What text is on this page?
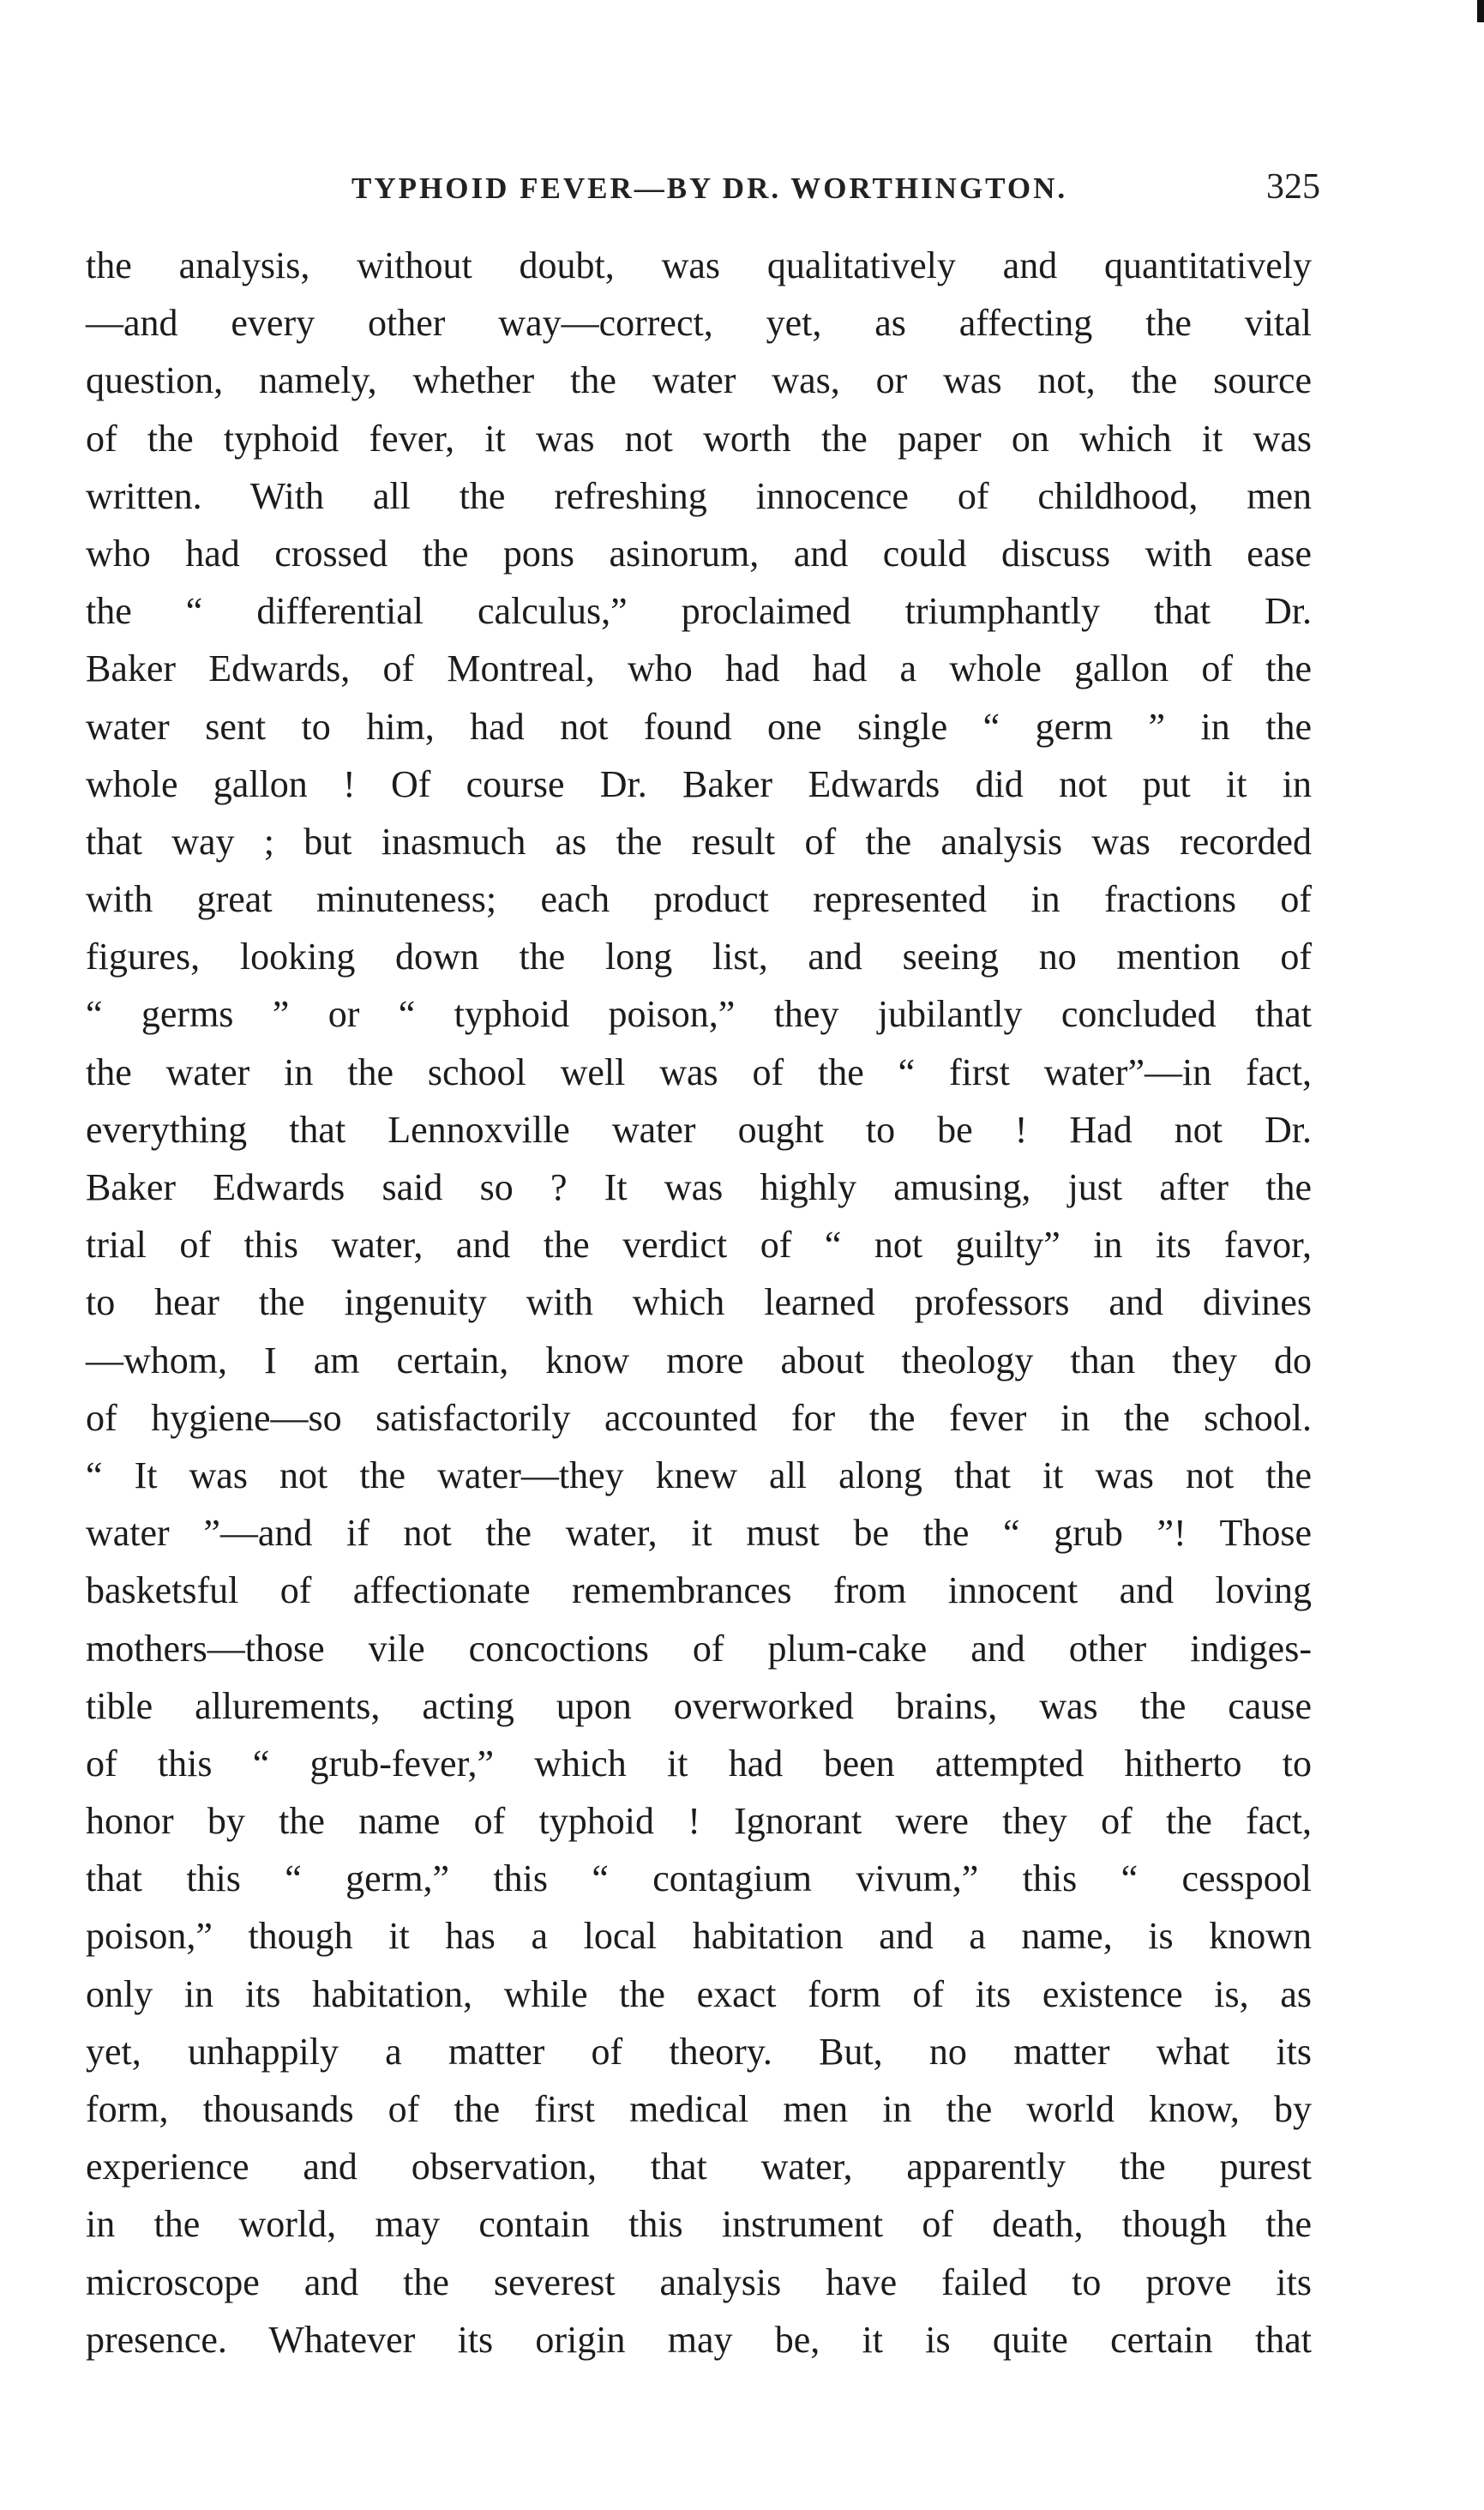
TYPHOID FEVER—BY DR. WORTHINGTON.	325
the analysis, without doubt, was qualitatively and quantitatively
—and every other way—correct, yet, as affecting the vital
question, namely, whether the water was, or was not, the source
of the typhoid fever, it was not worth the paper on which it was
written. With all the refreshing innocence of childhood, men
who had crossed the pons asinorum, and could discuss with ease
the “ differential calculus,” proclaimed triumphantly that Dr.
Baker Edwards, of Montreal, who had had a whole gallon of the
water sent to him, had not found one single “ germ ” in the
whole gallon ! Of course Dr. Baker Edwards did not put it in
that way ; but inasmuch as the result of the analysis was recorded
with great minuteness; each product represented in fractions of
figures, looking down the long list, and seeing no mention of
“ germs ” or “ typhoid poison,” they jubilantly concluded that
the water in the school well was of the “ first water”—in fact,
everything that Lennoxville water ought to be ! Had not Dr.
Baker Edwards said so ? It was highly amusing, just after the
trial of this water, and the verdict of “ not guilty” in its favor,
to hear the ingenuity with which learned professors and divines
—whom, I am certain, know more about theology than they do
of hygiene—so satisfactorily accounted for the fever in the school.
“ It was not the water—they knew all along that it was not the
water ”—and if not the water, it must be the “ grub ”! Those
basketsful of affectionate remembrances from innocent and loving
mothers—those vile concoctions of plum-cake and other indiges-
tible allurements, acting upon overworked brains, was the cause
of this “ grub-fever,” which it had been attempted hitherto to
honor by the name of typhoid ! Ignorant were they of the fact,
that this “ germ,” this “ contagium vivum,” this “ cesspool
poison,” though it has a local habitation and a name, is known
only in its habitation, while the exact form of its existence is, as
yet, unhappily a matter of theory. But, no matter what its
form, thousands of the first medical men in the world know, by
experience and observation, that water, apparently the purest
in the world, may contain this instrument of death, though the
microscope and the severest analysis have failed to prove its
presence. Whatever its origin may be, it is quite certain that
